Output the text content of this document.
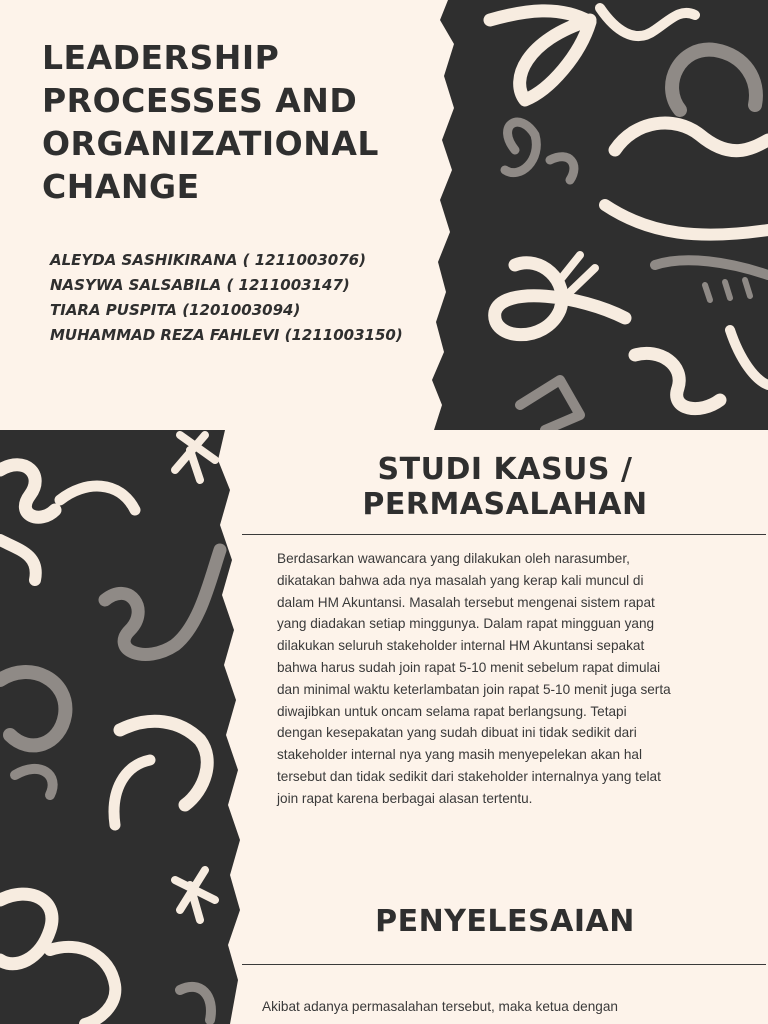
LEADERSHIP
PROCESSES AND
ORGANIZATIONAL
CHANGE
ALEYDA SASHIKIRANA ( 1211003076)
NASYWA SALSABILA ( 1211003147)
TIARA PUSPITA (1201003094)
MUHAMMAD REZA FAHLEVI (1211003150)
STUDI KASUS /
PERMASALAHAN
Berdasarkan wawancara yang dilakukan oleh narasumber,
dikatakan bahwa ada nya masalah yang kerap kali muncul di
dalam HM Akuntansi. Masalah tersebut mengenai sistem rapat
yang diadakan setiap minggunya. Dalam rapat mingguan yang
dilakukan seluruh stakeholder internal HM Akuntansi sepakat
bahwa harus sudah join rapat 5-10 menit sebelum rapat dimulai
dan minimal waktu keterlambatan join rapat 5-10 menit juga serta
diwajibkan untuk oncam selama rapat berlangsung. Tetapi
dengan kesepakatan yang sudah dibuat ini tidak sedikit dari
stakeholder internal nya yang masih menyepelekan akan hal
tersebut dan tidak sedikit dari stakeholder internalnya yang telat
join rapat karena berbagai alasan tertentu.
PENYELESAIAN
Akibat adanya permasalahan tersebut, maka ketua dengan
